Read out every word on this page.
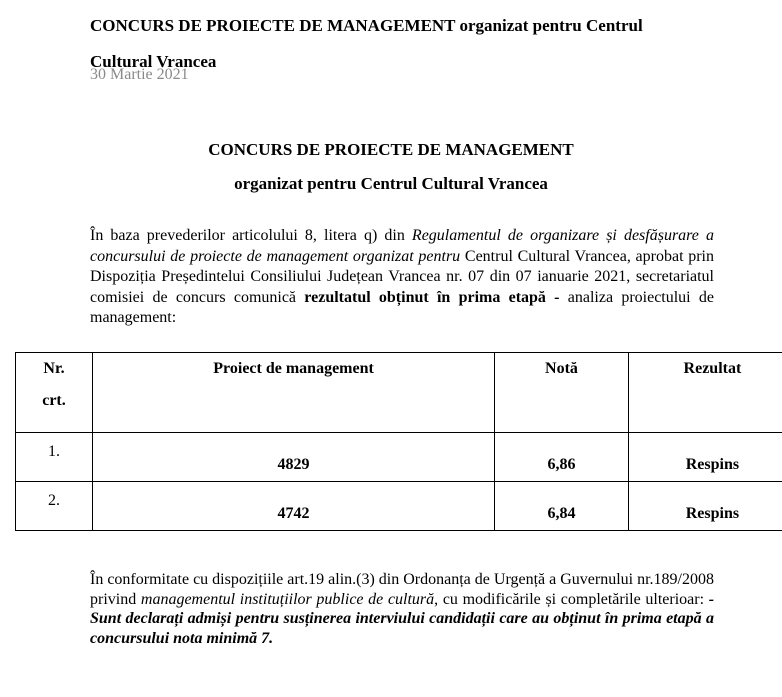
CONCURS DE PROIECTE DE MANAGEMENT organizat pentru Centrul
Cultural Vrancea
30 Martie 2021
CONCURS DE PROIECTE DE MANAGEMENT
organizat pentru Centrul Cultural Vrancea
În baza prevederilor articolului 8, litera q) din Regulamentul de organizare și desfășurare a concursului de proiecte de management organizat pentru Centrul Cultural Vrancea, aprobat prin Dispoziția Președintelui Consiliului Județean Vrancea nr. 07 din 07 ianuarie 2021, secretariatul comisiei de concurs comunică rezultatul obținut în prima etapă - analiza proiectului de management:
Nr.
crt.	Proiect de management	Notă	Rezultat

1.	4829	6,86	Respins

2.	4742	6,84	Respins
În conformitate cu dispozițiile art.19 alin.(3) din Ordonanța de Urgență a Guvernului nr.189/2008 privind managementul instituțiilor publice de cultură, cu modificările și completările ulterioar: - Sunt declarați admiși pentru susținerea interviului candidații care au obținut în prima etapă a concursului nota minimă 7.
